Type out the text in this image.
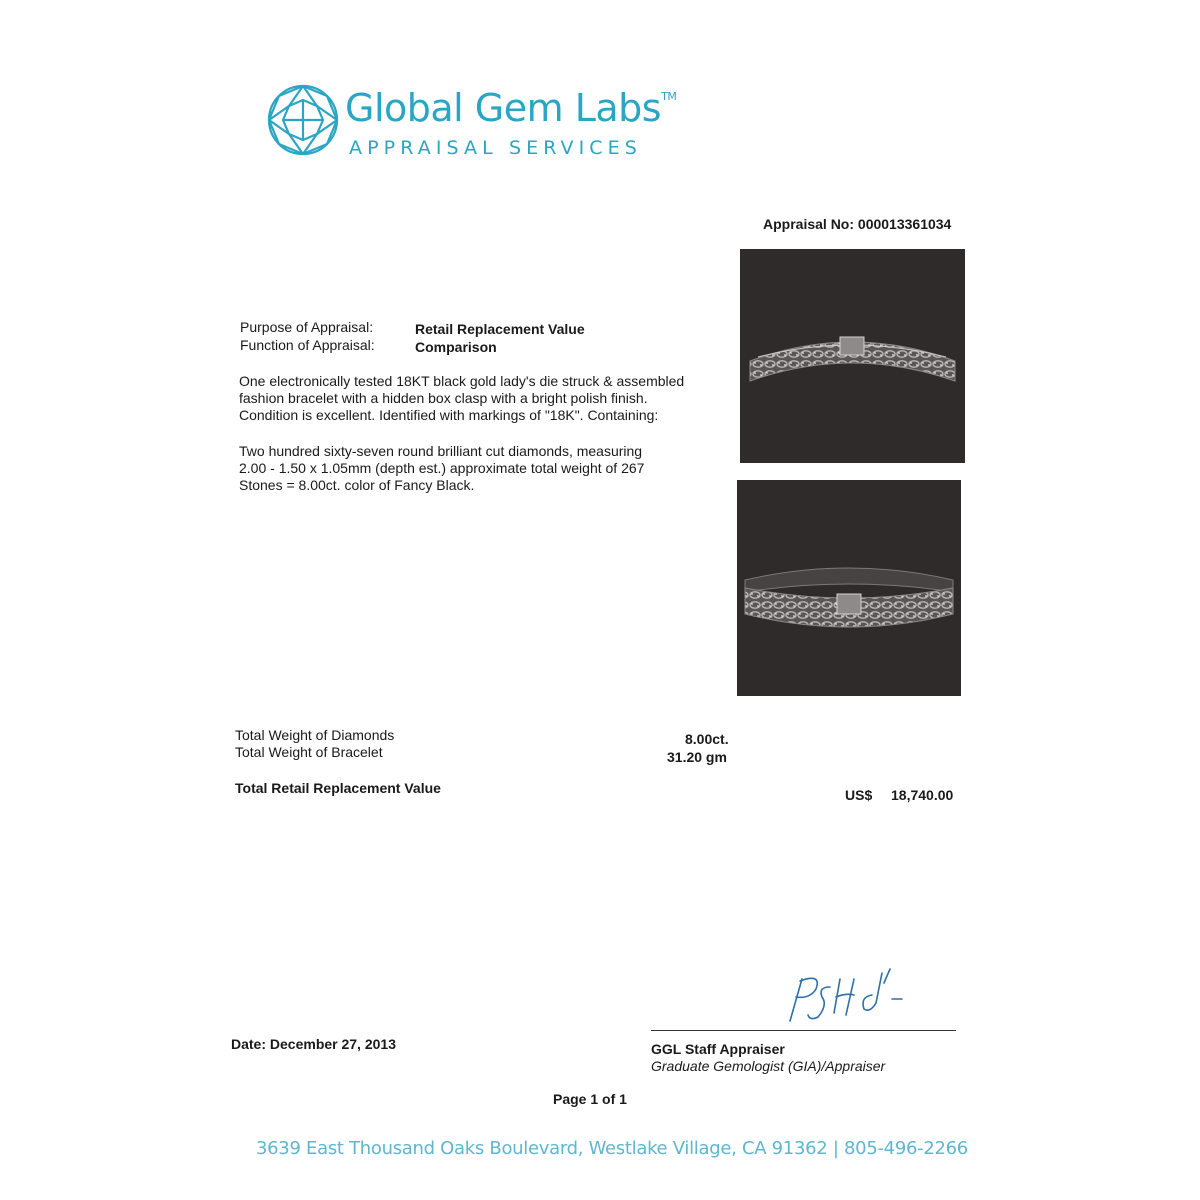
Global Gem Labs™
APPRAISAL SERVICES
Appraisal No: 000013361034
Purpose of Appraisal:	Retail Replacement Value
Function of Appraisal:	Comparison
One electronically tested 18KT black gold lady's die struck & assembled
fashion bracelet with a hidden box clasp with a bright polish finish.
Condition is excellent. Identified with markings of "18K". Containing:
Two hundred sixty-seven round brilliant cut diamonds, measuring
2.00 - 1.50 x 1.05mm (depth est.) approximate total weight of 267
Stones = 8.00ct. color of Fancy Black.
Total Weight of Diamonds	8.00ct.
Total Weight of Bracelet	31.20 gm
Total Retail Replacement Value	US$ 18,740.00
Date: December 27, 2013	GGL Staff Appraiser
Graduate Gemologist (GIA)/Appraiser
Page 1 of 1
3639 East Thousand Oaks Boulevard, Westlake Village, CA 91362 | 805-496-2266
